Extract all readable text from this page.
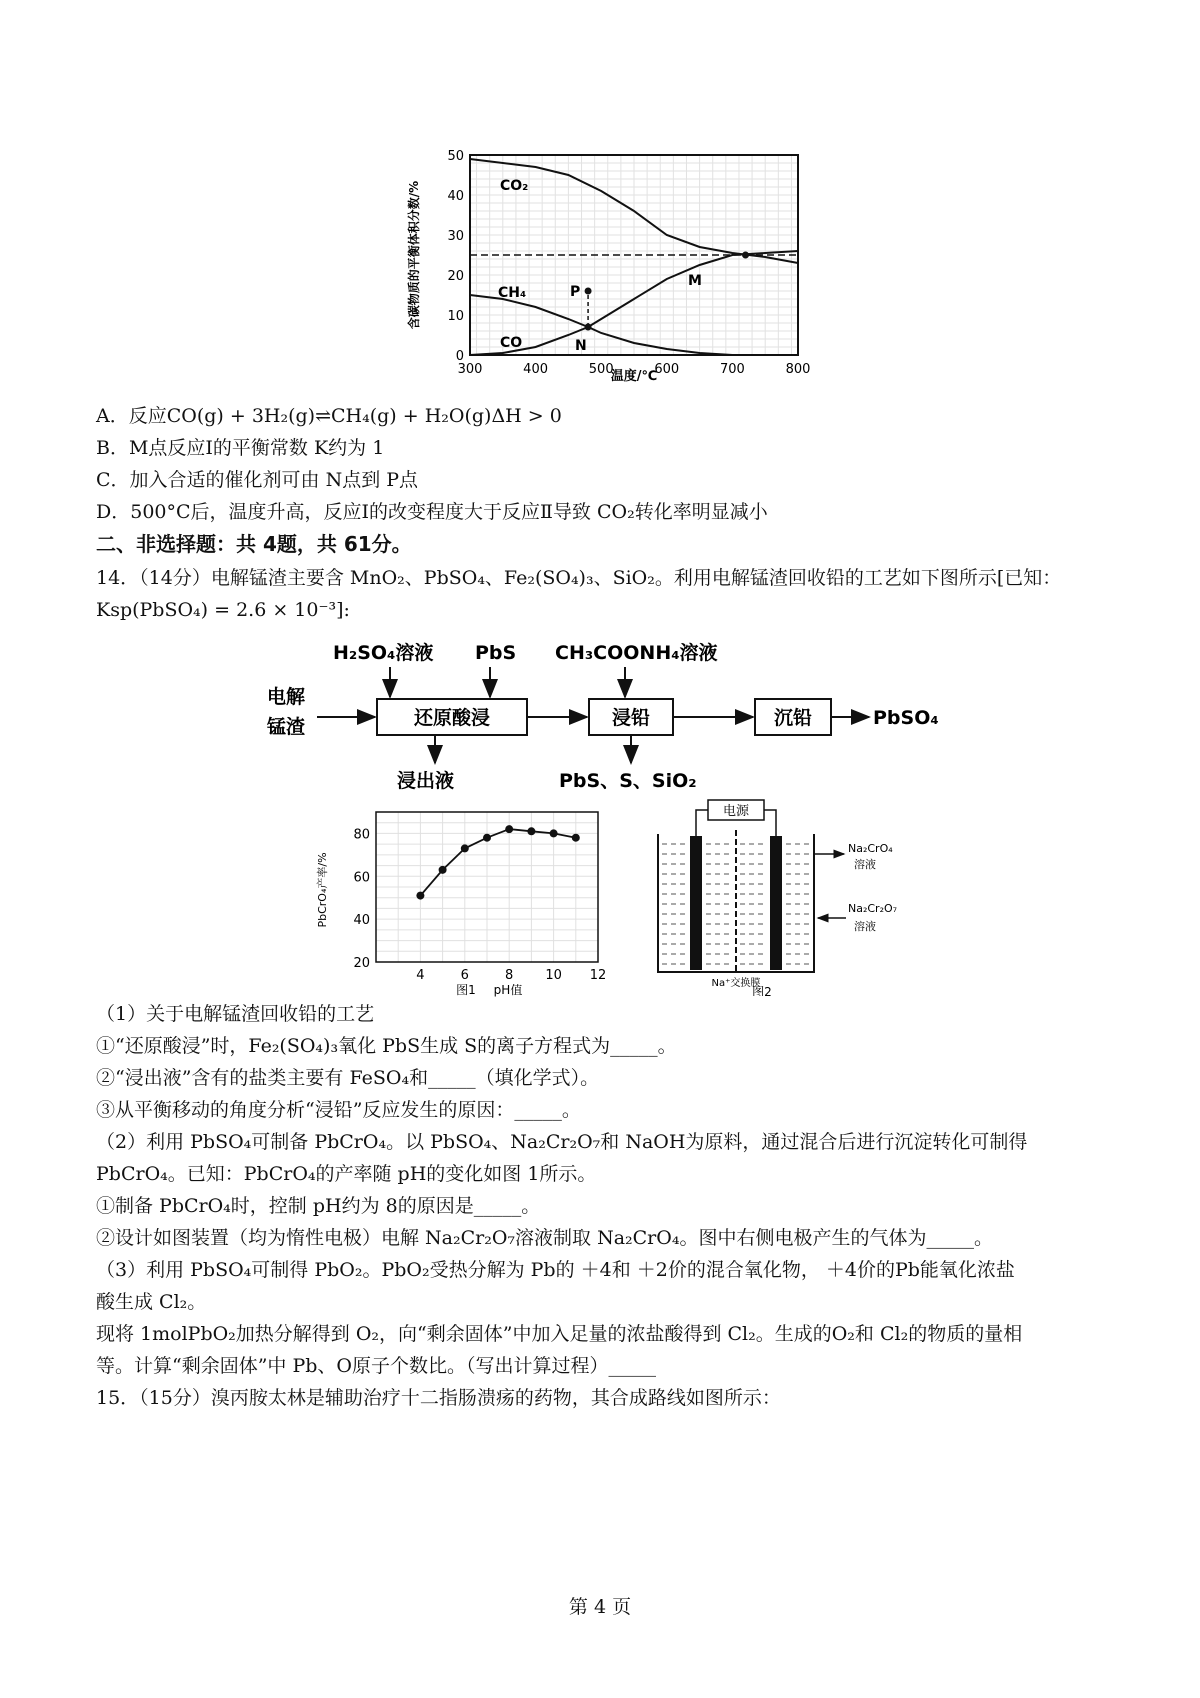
0
10
20
30
40
50
300	400	500	600	700	800
含碳物质的平衡体积分数/%
温度/℃
CO₂
CH₄
CO
M
N
P
A．反应CO(g) + 3H₂(g)⇌CH₄(g) + H₂O(g)ΔH > 0
B．M点反应Ⅰ的平衡常数 K约为 1
C．加入合适的催化剂可由 N点到 P点
D．500°C后，温度升高，反应Ⅰ的改变程度大于反应Ⅱ导致 CO₂转化率明显减小
二、非选择题：共 4题，共 61分。
14．（14分）电解锰渣主要含 MnO₂、PbSO₄、Fe₂(SO₄)₃、SiO₂。利用电解锰渣回收铅的工艺如下图所示[已知：Ksp(PbSO₄) = 2.6 × 10⁻³]:
电解
锰渣
H₂SO₄溶液 PbS CH₃COONH₄溶液
还原酸浸	浸铅	沉铅	PbSO₄
浸出液	PbS、S、SiO₂
20
40
60
80
4	6	8 10 12
PbCrO₄产率/%
pH值
图1
电源
Na₂CrO₄
溶液
Na₂Cr₂O₇
溶液
Na⁺交换膜
图2
（1）关于电解锰渣回收铅的工艺
①“还原酸浸”时，Fe₂(SO₄)₃氧化 PbS生成 S的离子方程式为_____。
②“浸出液”含有的盐类主要有 FeSO₄和_____（填化学式）。
③从平衡移动的角度分析“浸铅”反应发生的原因：_____。
（2）利用 PbSO₄可制备 PbCrO₄。以 PbSO₄、Na₂Cr₂O₇和 NaOH为原料，通过混合后进行沉淀转化可制得
PbCrO₄。已知：PbCrO₄的产率随 pH的变化如图 1所示。
①制备 PbCrO₄时，控制 pH约为 8的原因是_____。
②设计如图装置（均为惰性电极）电解 Na₂Cr₂O₇溶液制取 Na₂CrO₄。图中右侧电极产生的气体为_____。
（3）利用 PbSO₄可制得 PbO₂。PbO₂受热分解为 Pb的 ＋4和 ＋2价的混合氧化物， ＋4价的Pb能氧化浓盐
酸生成 Cl₂。
现将 1molPbO₂加热分解得到 O₂，向“剩余固体”中加入足量的浓盐酸得到 Cl₂。生成的O₂和 Cl₂的物质的量相
等。计算“剩余固体”中 Pb、O原子个数比。（写出计算过程）_____
15．（15分）溴丙胺太林是辅助治疗十二指肠溃疡的药物，其合成路线如图所示：
第 4 页
